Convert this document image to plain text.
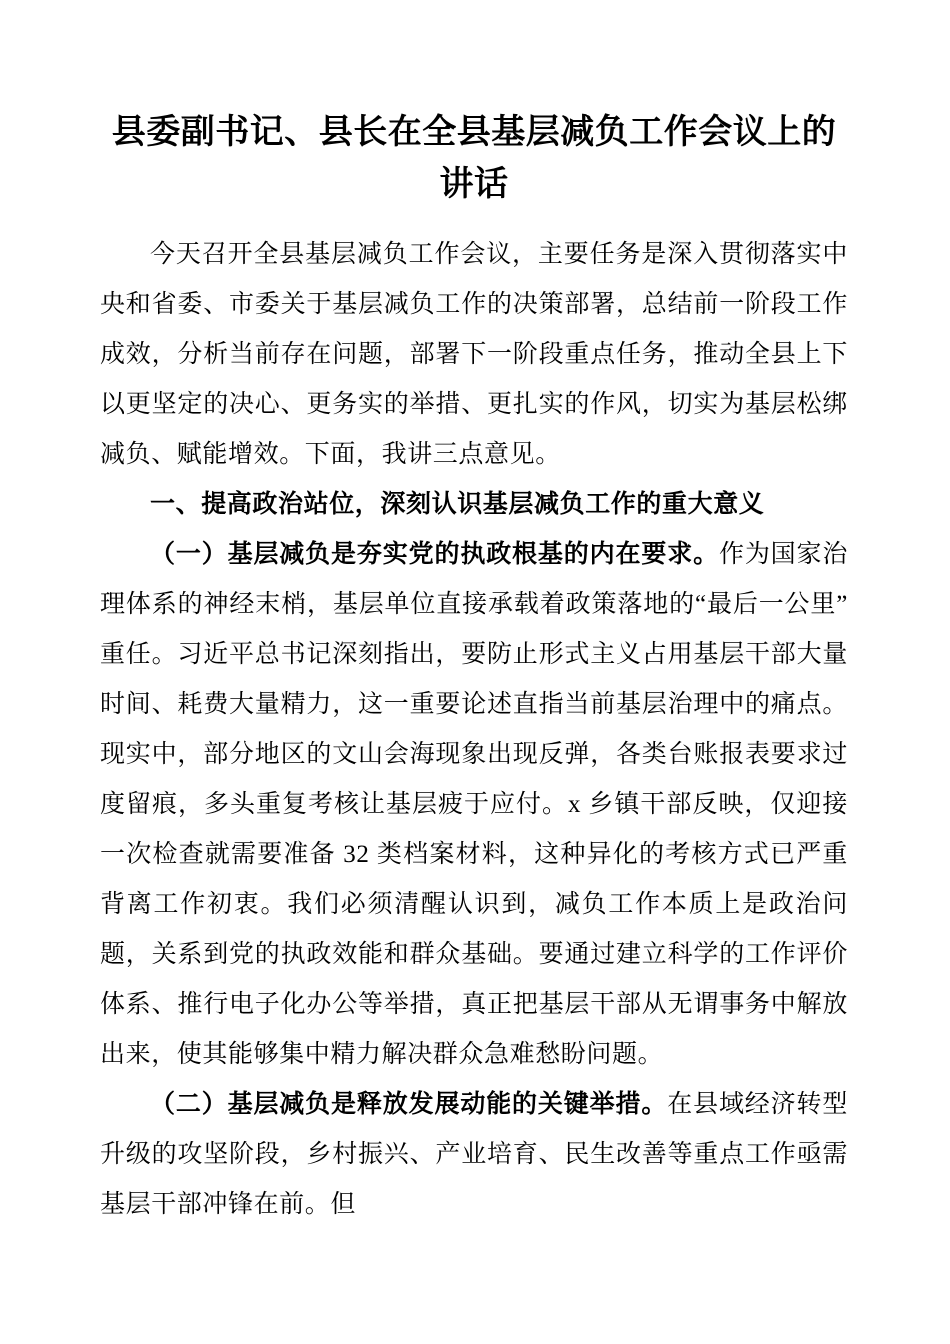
县委副书记、县长在全县基层减负工作会议上的
讲话

今天召开全县基层减负工作会议，主要任务是深入贯彻落实中央和省委、市委关于基层减负工作的决策部署，总结前一阶段工作成效，分析当前存在问题，部署下一阶段重点任务，推动全县上下以更坚定的决心、更务实的举措、更扎实的作风，切实为基层松绑减负、赋能增效。下面，我讲三点意见。

一、提高政治站位，深刻认识基层减负工作的重大意义

（一）基层减负是夯实党的执政根基的内在要求。作为国家治理体系的神经末梢，基层单位直接承载着政策落地的“最后一公里”重任。习近平总书记深刻指出，要防止形式主义占用基层干部大量时间、耗费大量精力，这一重要论述直指当前基层治理中的痛点。现实中，部分地区的文山会海现象出现反弹，各类台账报表要求过度留痕，多头重复考核让基层疲于应付。x 乡镇干部反映，仅迎接一次检查就需要准备 32 类档案材料，这种异化的考核方式已严重背离工作初衷。我们必须清醒认识到，减负工作本质上是政治问题，关系到党的执政效能和群众基础。要通过建立科学的工作评价体系、推行电子化办公等举措，真正把基层干部从无谓事务中解放出来，使其能够集中精力解决群众急难愁盼问题。

（二）基层减负是释放发展动能的关键举措。在县域经济转型升级的攻坚阶段，乡村振兴、产业培育、民生改善等重点工作亟需基层干部冲锋在前。但
